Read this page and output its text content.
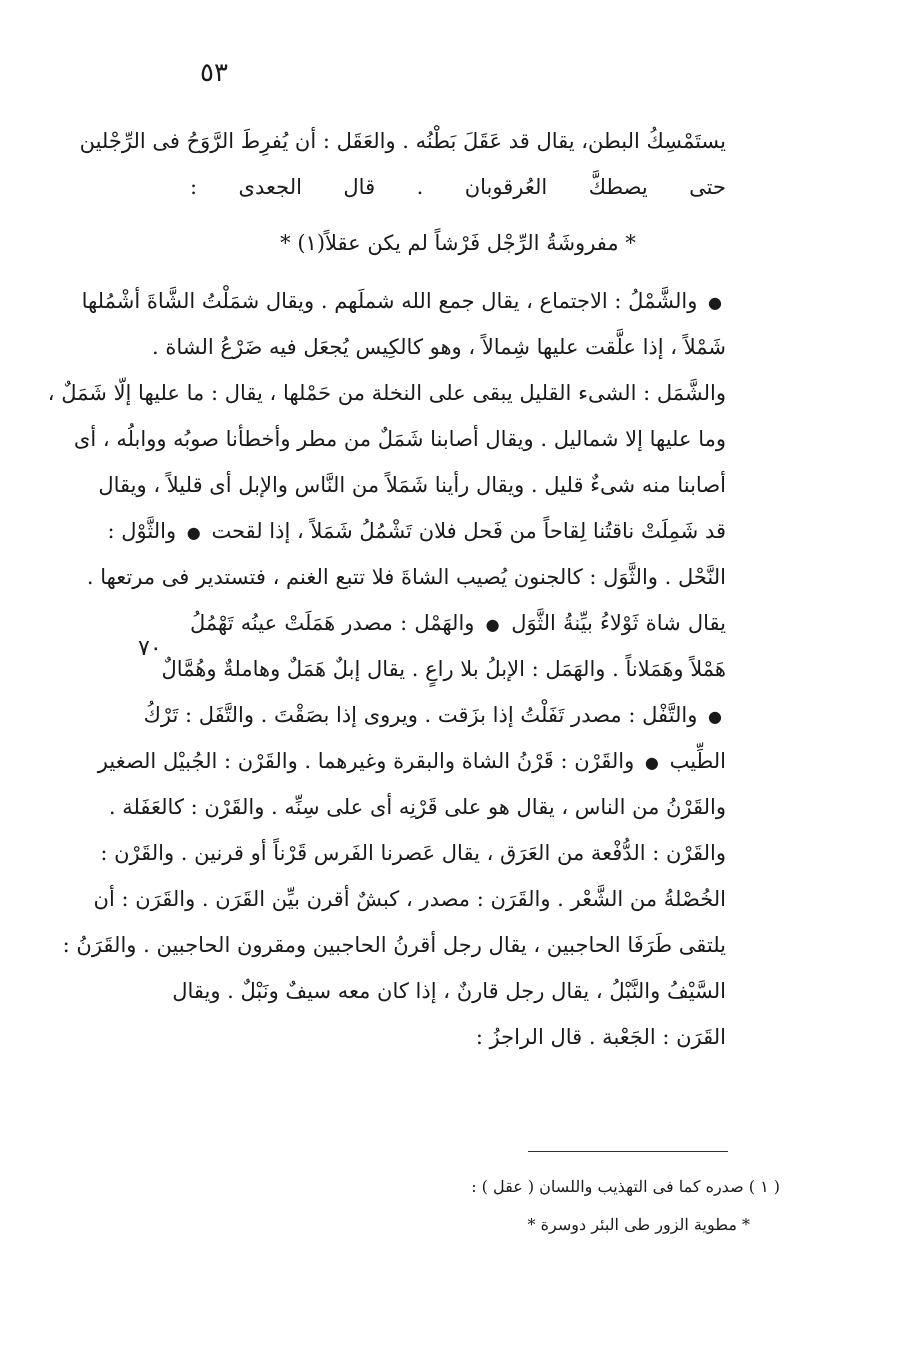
٥٣
٧٠
يستَمْسِكُ البطن، يقال قد عَقَلَ بَطْنُه . والعَقَل : أن يُفرِطَ الرَّوَحُ فى الرِّجْلين
حتى يصطكَّ العُرقوبان . قال الجعدى :
* مفروشَةُ الرِّجْل فَرْشاً لم يكن عقلاً(١) *
● والشَّمْلُ : الاجتماع ، يقال جمع الله شملَهم . ويقال شمَلْتُ الشَّاةَ أشْمُلها
شَمْلاً ، إذا علَّقت عليها شِمالاً ، وهو كالكِيس يُجعَل فيه ضَرْعُ الشاة .
والشَّمَل : الشىء القليل يبقى على النخلة من حَمْلها ، يقال : ما عليها إلّا شَمَلٌ ،
وما عليها إلا شماليل . ويقال أصابنا شَمَلٌ من مطر وأخطأنا صوبُه ووابلُه ، أى
أصابنا منه شىءٌ قليل . ويقال رأينا شَمَلاً من النَّاس والإبل أى قليلاً ، ويقال
قد شَمِلَتْ ناقتُنا لِقاحاً من فَحل فلان تَشْمُلُ شَمَلاً ، إذا لقحت ● والثَّوْل :
النَّحْل . والثَّوَل : كالجنون يُصيب الشاةَ فلا تتبع الغنم ، فتستدير فى مرتعها .
يقال شاة ثَوْلاءُ بيِّنةُ الثَّوَل ● والهَمْل : مصدر هَمَلَتْ عينُه تَهْمُلُ
هَمْلاً وهَمَلاناً . والهَمَل : الإبلُ بلا راعٍ . يقال إبلٌ هَمَلٌ وهاملةٌ وهُمَّالٌ
● والتَّفْل : مصدر تَفَلْتُ إذا بزَقت . ويروى إذا بصَقْتَ . والتَّفَل : تَرْكُ
الطِّيب ● والقَرْن : قَرْنُ الشاة والبقرة وغيرهما . والقَرْن : الجُبيْل الصغير
والقَرْنُ من الناس ، يقال هو على قَرْنِه أى على سِنِّه . والقَرْن : كالعَفَلة .
والقَرْن : الدُّفْعة من العَرَق ، يقال عَصرنا الفَرس قَرْناً أو قرنين . والقَرْن :
الخُصْلةُ من الشَّعْر . والقَرَن : مصدر ، كبشٌ أقرن بيِّن القَرَن . والقَرَن : أن
يلتقى طَرَفَا الحاجبين ، يقال رجل أقرنُ الحاجبين ومقرون الحاجبين . والقَرَنُ :
السَّيْفُ والنَّبْلُ ، يقال رجل قارنٌ ، إذا كان معه سيفٌ ونَبْلٌ . ويقال
القَرَن : الجَعْبة . قال الراجزُ :
( ١ ) صدره كما فى التهذيب واللسان ( عقل ) :
* مطوية الزور طى البئر دوسرة *
